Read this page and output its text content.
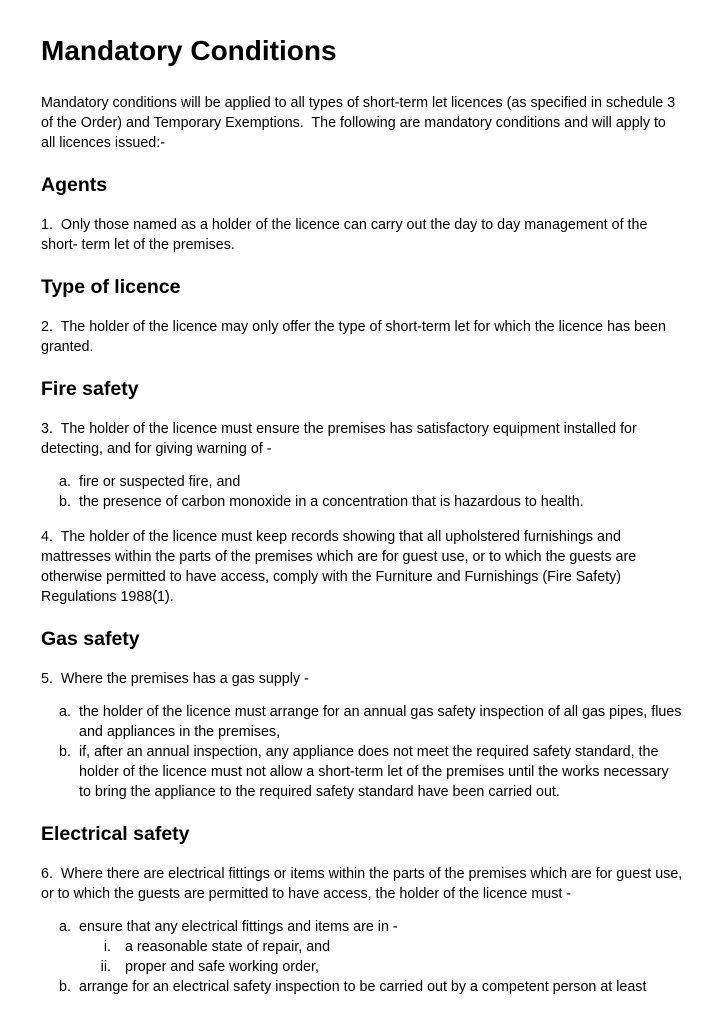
Mandatory Conditions

Mandatory conditions will be applied to all types of short-term let licences (as specified in schedule 3 of the Order) and Temporary Exemptions.  The following are mandatory conditions and will apply to all licences issued:-

Agents

1.  Only those named as a holder of the licence can carry out the day to day management of the short- term let of the premises.

Type of licence

2.  The holder of the licence may only offer the type of short-term let for which the licence has been granted.

Fire safety

3.  The holder of the licence must ensure the premises has satisfactory equipment installed for detecting, and for giving warning of -

a. fire or suspected fire, and
b. the presence of carbon monoxide in a concentration that is hazardous to health.

4.  The holder of the licence must keep records showing that all upholstered furnishings and mattresses within the parts of the premises which are for guest use, or to which the guests are otherwise permitted to have access, comply with the Furniture and Furnishings (Fire Safety) Regulations 1988(1).

Gas safety

5.  Where the premises has a gas supply -

a. the holder of the licence must arrange for an annual gas safety inspection of all gas pipes, flues and appliances in the premises,
b. if, after an annual inspection, any appliance does not meet the required safety standard, the holder of the licence must not allow a short-term let of the premises until the works necessary to bring the appliance to the required safety standard have been carried out.
Electrical safety

6.  Where there are electrical fittings or items within the parts of the premises which are for guest use, or to which the guests are permitted to have access, the holder of the licence must -

a. ensure that any electrical fittings and items are in -
i. a reasonable state of repair, and
ii. proper and safe working order,
b. arrange for an electrical safety inspection to be carried out by a competent person at least
